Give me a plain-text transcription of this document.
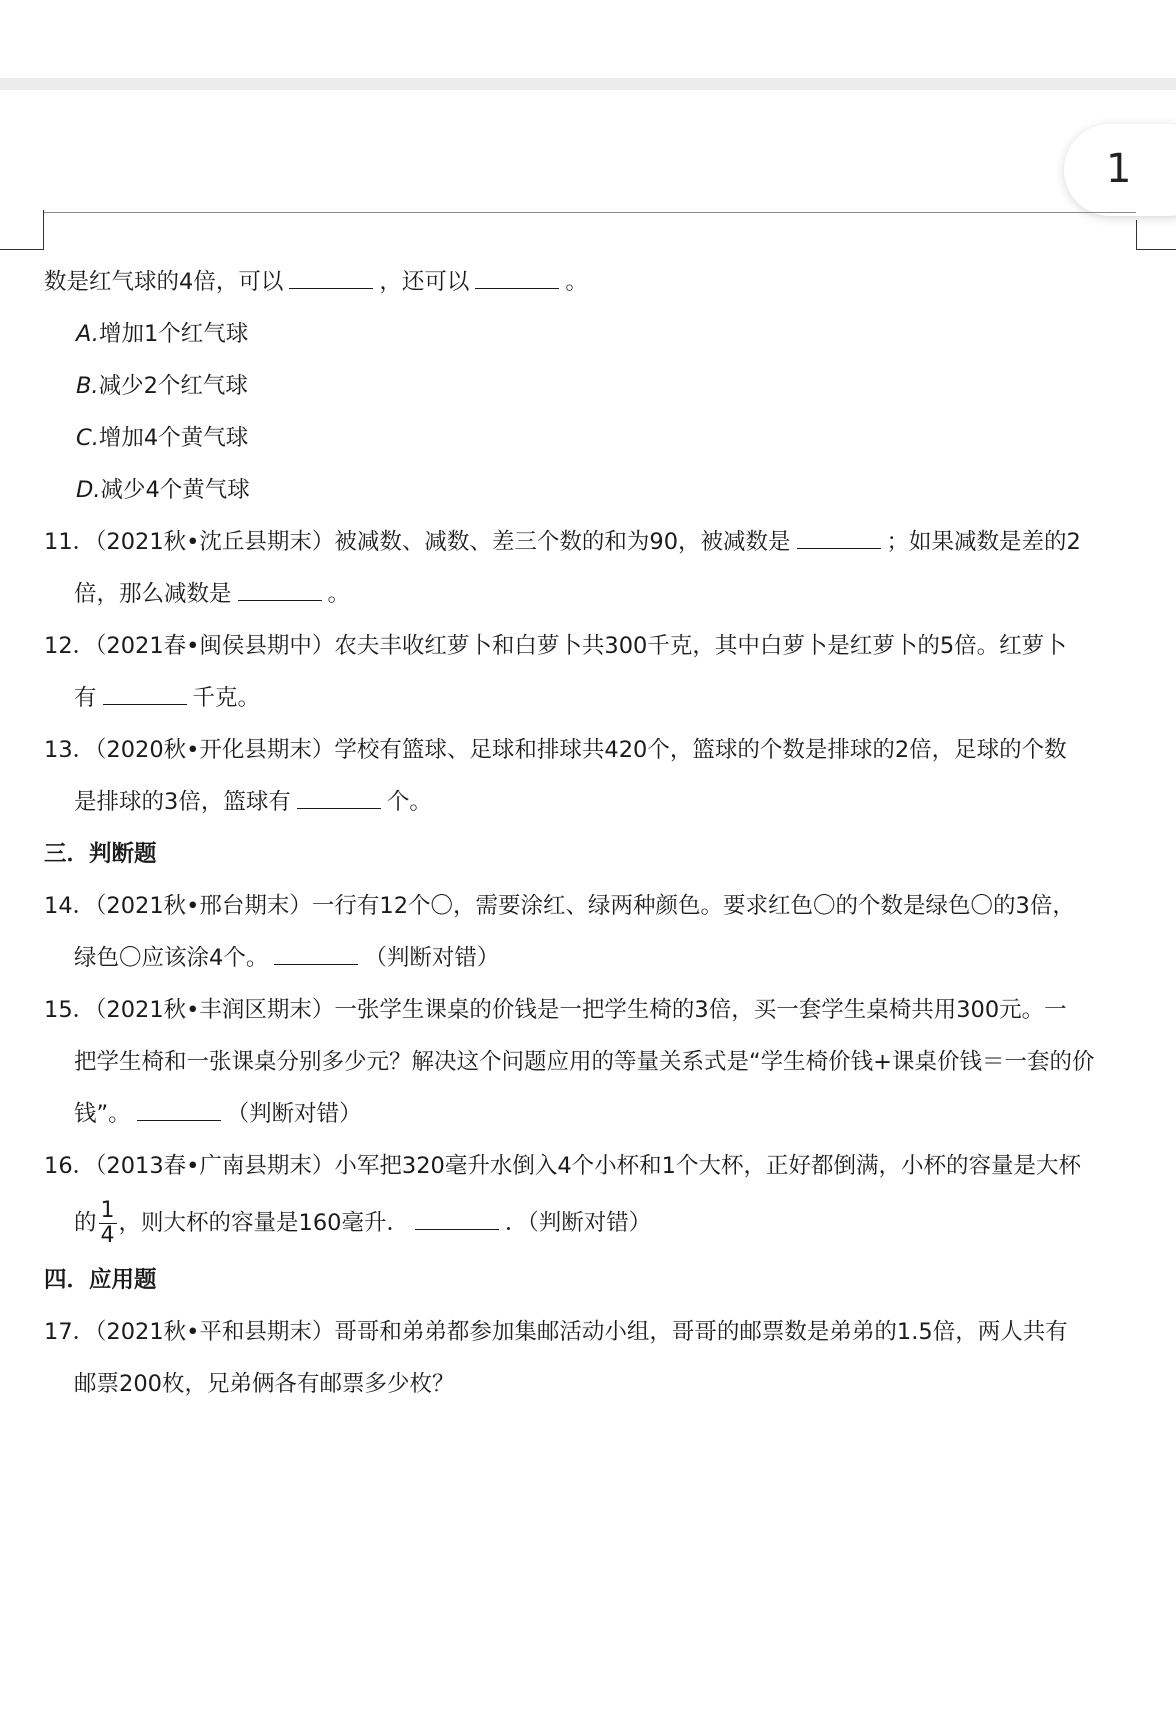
1
数是红气球的4倍，可以	，还可以	。
A.增加1个红气球
B.减少2个红气球
C.增加4个黄气球
D.减少4个黄气球
11．（2021秋•沈丘县期末）被减数、减数、差三个数的和为90，被减数是	；如果减数是差的2
倍，那么减数是	。
12．（2021春•闽侯县期中）农夫丰收红萝卜和白萝卜共300千克，其中白萝卜是红萝卜的5倍。红萝卜
有	千克。
13．（2020秋•开化县期末）学校有篮球、足球和排球共420个，篮球的个数是排球的2倍，足球的个数
是排球的3倍，篮球有	个。
三．判断题
14．（2021秋•邢台期末）一行有12个〇，需要涂红、绿两种颜色。要求红色〇的个数是绿色〇的3倍，
绿色〇应该涂4个。	（判断对错）
15．（2021秋•丰润区期末）一张学生课桌的价钱是一把学生椅的3倍，买一套学生桌椅共用300元。一
把学生椅和一张课桌分别多少元？解决这个问题应用的等量关系式是“学生椅价钱+课桌价钱＝一套的价
钱”。	（判断对错）
16．（2013春•广南县期末）小军把320毫升水倒入4个小杯和1个大杯，正好都倒满，小杯的容量是大杯
的 $\frac{1}{4}$ ，则大杯的容量是160毫升．	．（判断对错）
四．应用题
17．（2021秋•平和县期末）哥哥和弟弟都参加集邮活动小组，哥哥的邮票数是弟弟的1.5倍，两人共有
邮票200枚，兄弟俩各有邮票多少枚？
